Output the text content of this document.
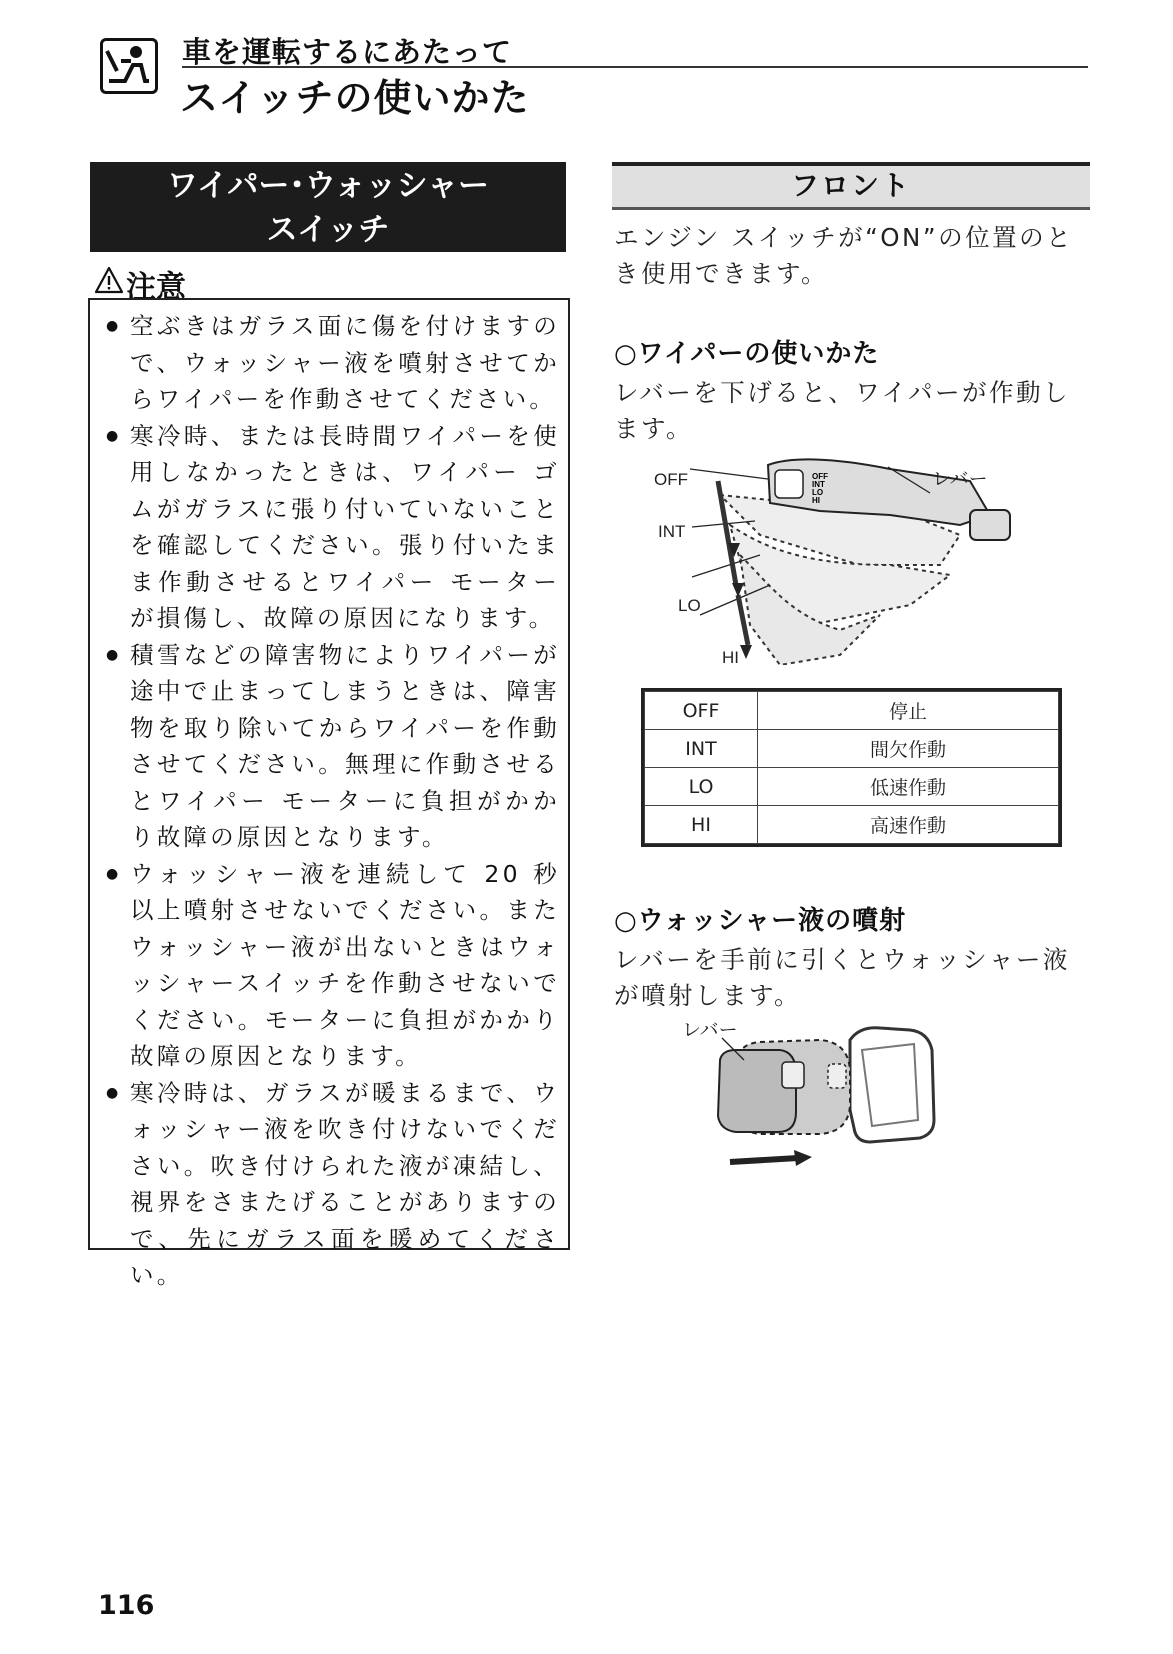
車を運転するにあたって
スイッチの使いかた
ワイパー･ウォッシャー
スイッチ
注意
● 空ぶきはガラス面に傷を付けますので、ウォッシャー液を噴射させてからワイパーを作動させてください。
● 寒冷時、または長時間ワイパーを使用しなかったときは、ワイパー ゴムがガラスに張り付いていないことを確認してください。張り付いたまま作動させるとワイパー モーターが損傷し、故障の原因になります。
● 積雪などの障害物によりワイパーが途中で止まってしまうときは、障害物を取り除いてからワイパーを作動させてください。無理に作動させるとワイパー モーターに負担がかかり故障の原因となります。
● ウォッシャー液を連続して 20 秒以上噴射させないでください。またウォッシャー液が出ないときはウォッシャースイッチを作動させないでください。モーターに負担がかかり故障の原因となります。
● 寒冷時は、ガラスが暖まるまで、ウォッシャー液を吹き付けないでください。吹き付けられた液が凍結し、視界をさまたげることがありますので、先にガラス面を暖めてください。
フロント
エンジン スイッチが“ON”の位置のとき使用できます。
○ワイパーの使いかた
レバーを下げると、ワイパーが作動します。
OFF
INT
LO
HI
レバー
OFF
INT
LO
HI
OFF	停止
INT	間欠作動
LO	低速作動
HI	高速作動
○ウォッシャー液の噴射
レバーを手前に引くとウォッシャー液が噴射します。
レバー
116
